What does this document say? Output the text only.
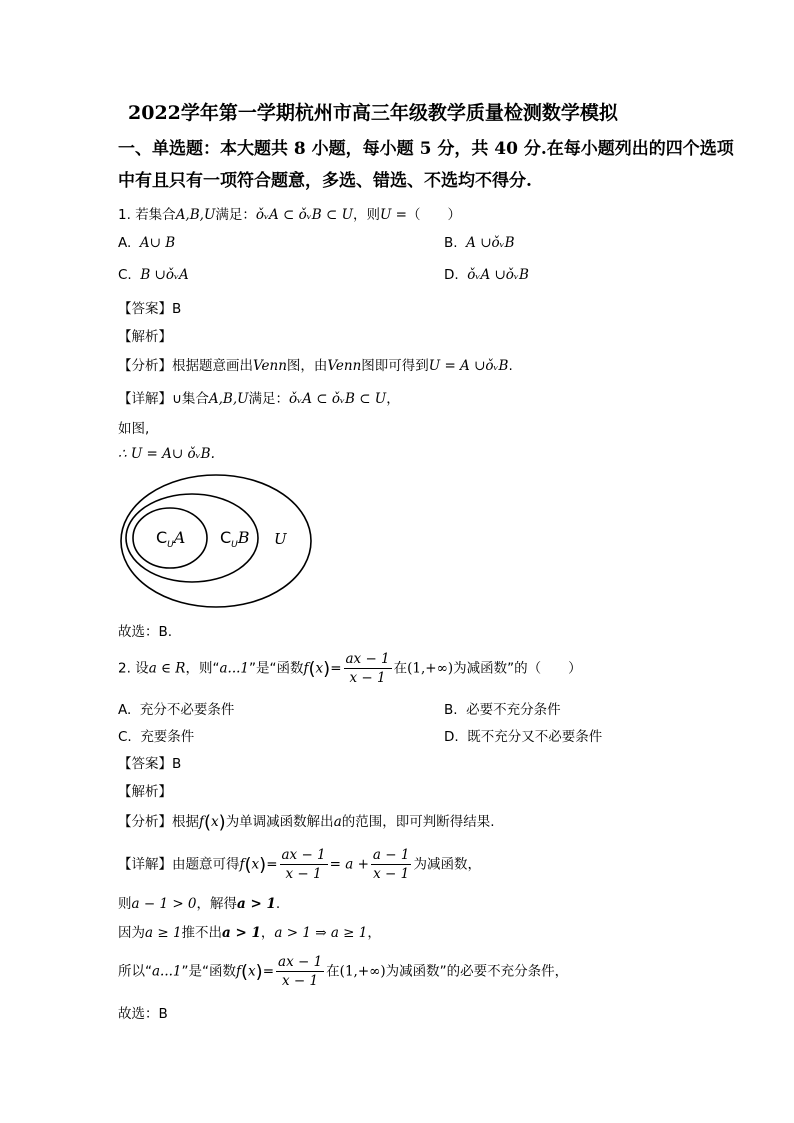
2022学年第一学期杭州市高三年级教学质量检测数学模拟
一、单选题：本大题共 8 小题，每小题 5 分，共 40 分.在每小题列出的四个选项
中有且只有一项符合题意，多选、错选、不选均不得分.
1. 若集合A,B,U满足：ǒᵥA ⊂ ǒᵥB ⊂ U，则U =（　　）
A. A∪ B	B. A ∪ǒᵥB
C. B ∪ǒᵥA	D. ǒᵥA ∪ǒᵥB
【答案】B
【解析】
【分析】根据题意画出Venn图，由Venn图即可得到U = A ∪ǒᵥB.
【详解】∪集合A,B,U满足：ǒᵥA ⊂ ǒᵥB ⊂ U，
如图,
∴ U = A∪ ǒᵥB.
$C_UA$ $C_UB$ U
故选：B.
2. 设a ∈ R，则“a...1”是“函数$f(x)= \frac{ax - 1}{x - 1}$ 在(1,+∞)为减函数”的（　　）
A. 充分不必要条件	B. 必要不充分条件
C. 充要条件	D. 既不充分又不必要条件
【答案】B
【解析】
【分析】根据f(x)为单调减函数解出a的范围，即可判断得结果.
【详解】由题意可得$f(x)= \frac{ax - 1}{x - 1} = a + \frac{a - 1}{x - 1}$ 为减函数，
则a − 1 > 0，解得a > 1.
因为a ≥ 1推不出a > 1，a > 1 ⇒ a ≥ 1，
所以“a...1”是“函数$f(x)= \frac{ax - 1}{x - 1}$ 在(1,+∞)为减函数”的必要不充分条件，
故选：B
